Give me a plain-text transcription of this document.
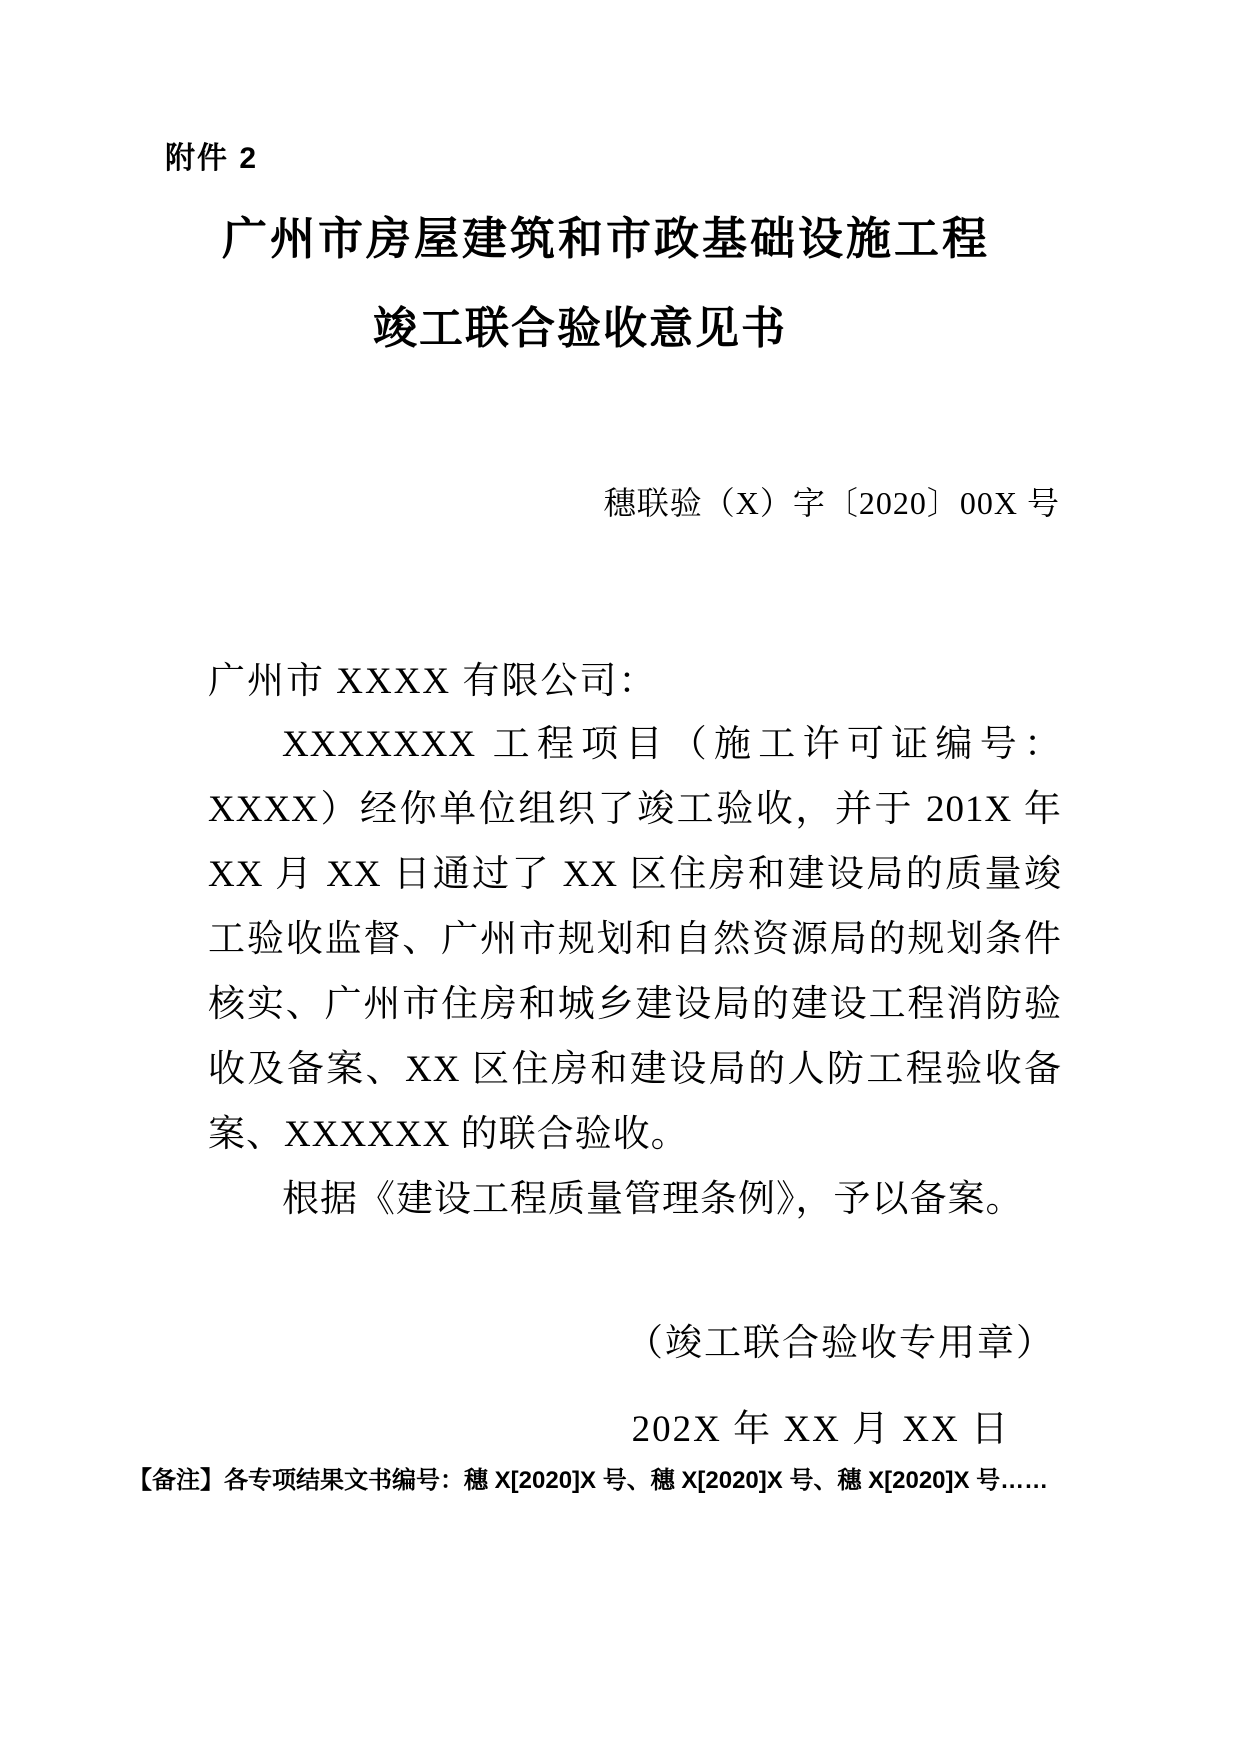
附件 2
广州市房屋建筑和市政基础设施工程
竣工联合验收意见书
穗联验（X）字〔2020〕00X 号
广州市 XXXX 有限公司：

XXXXXXX 工程项目（施工许可证编号：XXXX）经你单位组织了竣工验收，并于 201X 年 XX 月 XX 日通过了 XX 区住房和建设局的质量竣工验收监督、广州市规划和自然资源局的规划条件核实、广州市住房和城乡建设局的建设工程消防验收及备案、XX 区住房和建设局的人防工程验收备案、XXXXXX 的联合验收。

根据《建设工程质量管理条例》，予以备案。

（竣工联合验收专用章）
202X 年 XX 月 XX 日
【备注】各专项结果文书编号：穗 X[2020]X 号、穗 X[2020]X 号、穗 X[2020]X 号……
